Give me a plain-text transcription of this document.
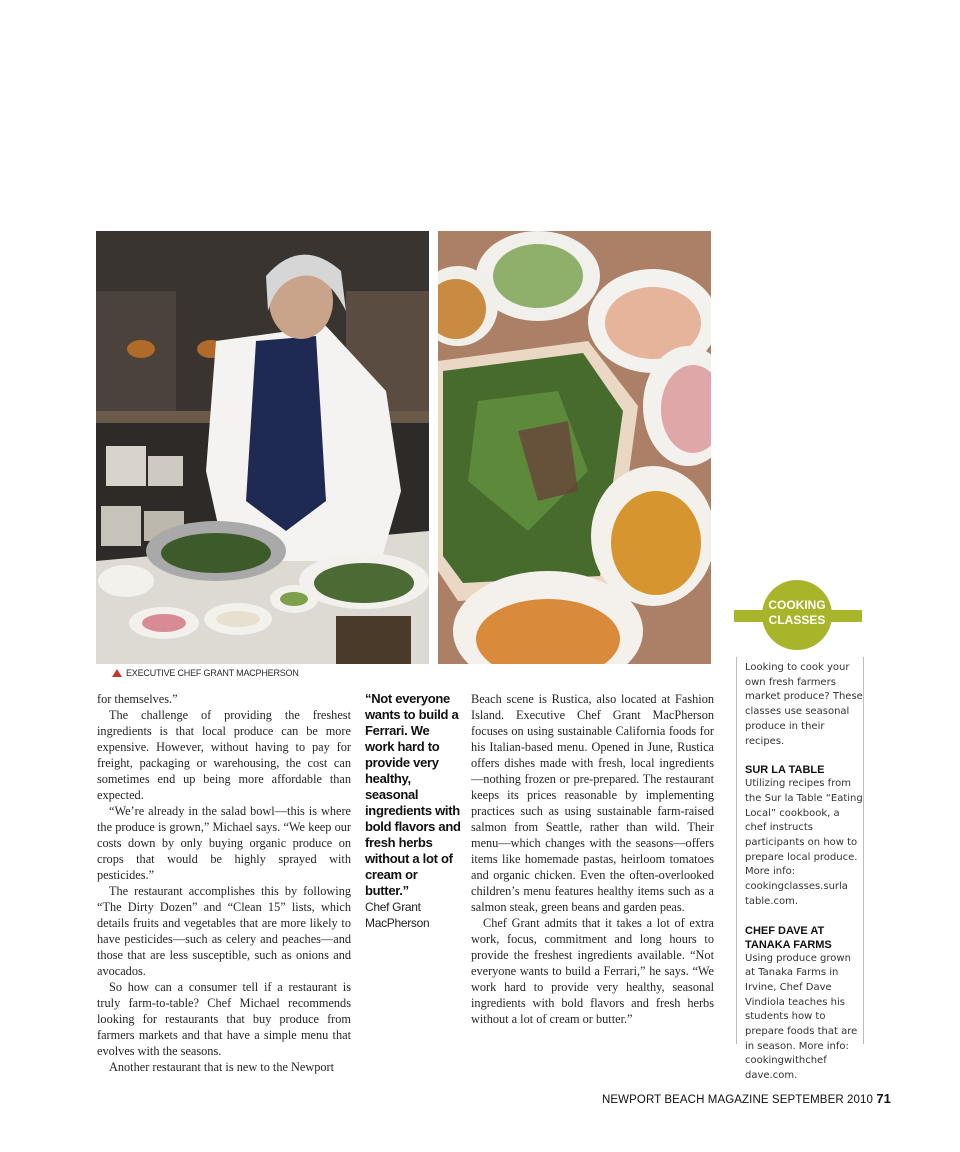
EXECUTIVE CHEF GRANT MACPHERSON

for themselves.”

The challenge of providing the freshest ingredients is that local produce can be more expensive. However, without having to pay for freight, packaging or warehousing, the cost can sometimes end up being more affordable than expected.

“We’re already in the salad bowl—this is where the produce is grown,” Michael says. “We keep our costs down by only buying organic produce on crops that would be highly sprayed with pesticides.”

The restaurant accomplishes this by following “The Dirty Dozen” and “Clean 15” lists, which details fruits and vegetables that are more likely to have pesticides—such as celery and peaches—and those that are less susceptible, such as onions and avocados.

So how can a consumer tell if a restaurant is truly farm-to-table? Chef Michael recommends looking for restaurants that buy produce from farmers markets and that have a simple menu that evolves with the seasons.

Another restaurant that is new to the Newport

“Not everyone wants to build a Ferrari. We work hard to provide very healthy, seasonal ingredients with bold flavors and fresh herbs without a lot of cream or butter.”
Chef Grant MacPherson

Beach scene is Rustica, also located at Fashion Island. Executive Chef Grant MacPherson focuses on using sustainable California foods for his Italian-based menu. Opened in June, Rustica offers dishes made with fresh, local ingredients—nothing frozen or pre-prepared. The restaurant keeps its prices reasonable by implementing practices such as using sustainable farm-raised salmon from Seattle, rather than wild. Their menu—which changes with the seasons—offers items like homemade pastas, heirloom tomatoes and organic chicken. Even the often-overlooked children’s menu features healthy items such as a salmon steak, green beans and garden peas.

Chef Grant admits that it takes a lot of extra work, focus, commitment and long hours to provide the freshest ingredients available. “Not everyone wants to build a Ferrari,” he says. “We work hard to provide very healthy, seasonal ingredients with bold flavors and fresh herbs without a lot of cream or butter.”

COOKING CLASSES

Looking to cook your own fresh farmers market produce? These classes use seasonal produce in their recipes.

SUR LA TABLE

Utilizing recipes from the Sur la Table “Eating Local” cookbook, a chef instructs participants on how to prepare local produce. More info: cookingclasses.surla table.com.

CHEF DAVE AT TANAKA FARMS

Using produce grown at Tanaka Farms in Irvine, Chef Dave Vindiola teaches his students how to prepare foods that are in season. More info: cookingwithchef dave.com.

NEWPORT BEACH MAGAZINE SEPTEMBER 2010 71
